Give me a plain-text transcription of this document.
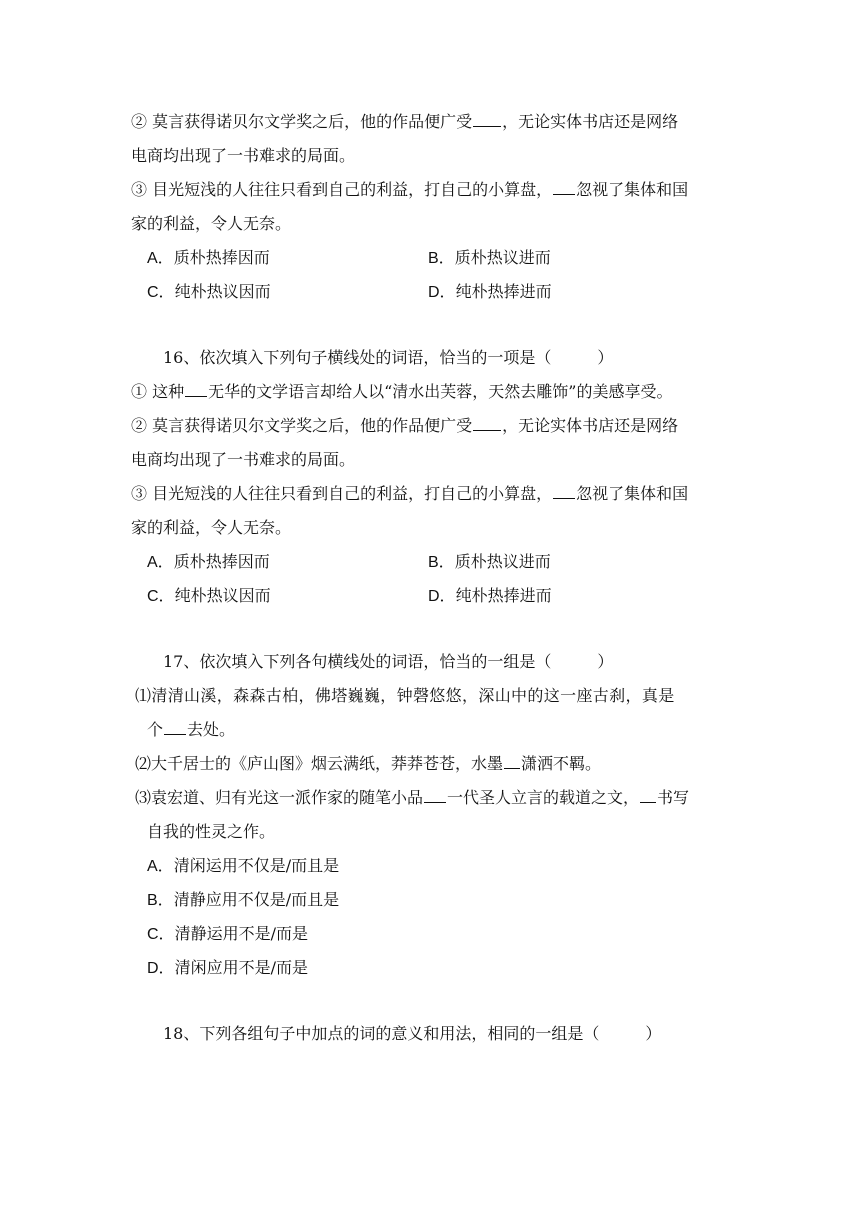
② 莫言获得诺贝尔文学奖之后，他的作品便广受 ，无论实体书店还是网络
电商均出现了一书难求的局面。
③ 目光短浅的人往往只看到自己的利益，打自己的小算盘， 忽视了集体和国
家的利益，令人无奈。
A．质朴热捧因而	B．质朴热议进而
C．纯朴热议因而	D．纯朴热捧进而
16、依次填入下列句子横线处的词语，恰当的一项是（	）
① 这种 无华的文学语言却给人以“清水出芙蓉，天然去雕饰”的美感享受。
② 莫言获得诺贝尔文学奖之后，他的作品便广受 ，无论实体书店还是网络
电商均出现了一书难求的局面。
③ 目光短浅的人往往只看到自己的利益，打自己的小算盘， 忽视了集体和国
家的利益，令人无奈。
A．质朴热捧因而	B．质朴热议进而
C．纯朴热议因而	D．纯朴热捧进而
17、依次填入下列各句横线处的词语，恰当的一组是（	）
⑴清清山溪，森森古柏，佛塔巍巍，钟磬悠悠，深山中的这一座古刹，真是
个 去处。
⑵大千居士的《庐山图》烟云满纸，莽莽苍苍，水墨 潇洒不羁。
⑶袁宏道、归有光这一派作家的随笔小品 一代圣人立言的载道之文， 书写
自我的性灵之作。
A．清闲运用不仅是/而且是
B．清静应用不仅是/而且是
C．清静运用不是/而是
D．清闲应用不是/而是
18、下列各组句子中加点的词的意义和用法，相同的一组是（	）
